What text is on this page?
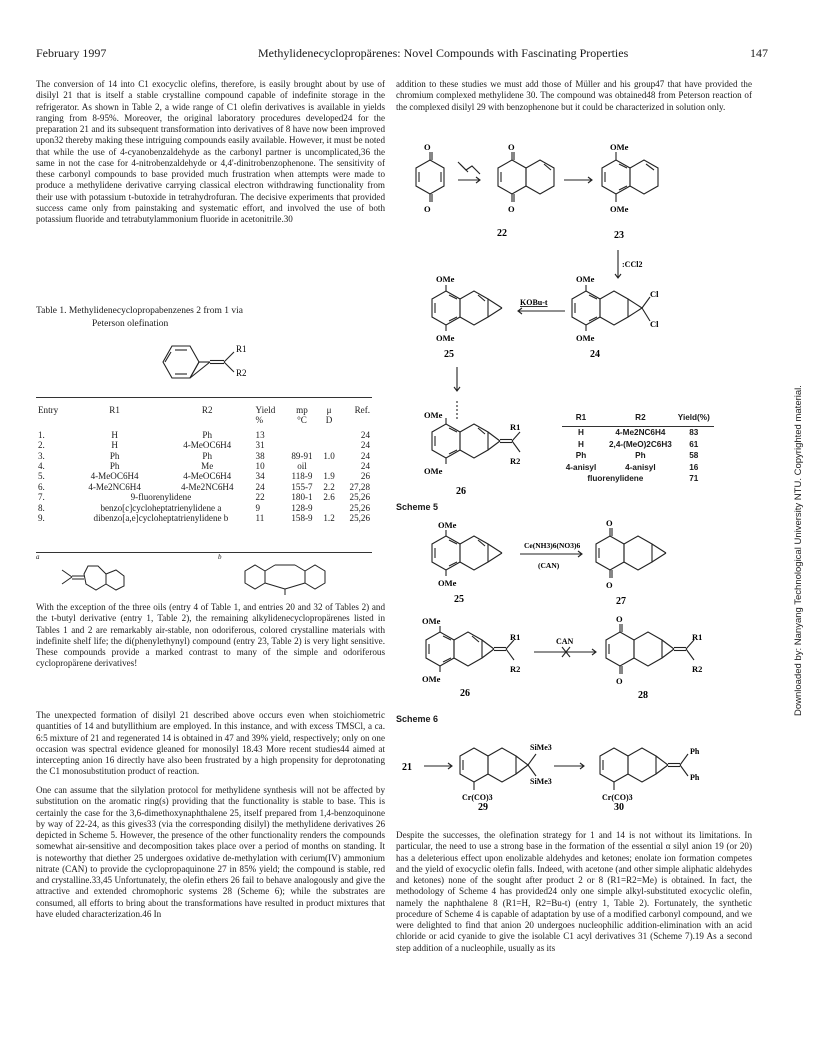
February 1997	Methylidenecyclopropärenes: Novel Compounds with Fascinating Properties	147
Downloaded by: Nanyang Technological University NTU. Copyrighted material.
The conversion of 14 into C1 exocyclic olefins, therefore, is easily brought about by use of disilyl 21 that is itself a stable crystalline compound capable of indefinite storage in the refrigerator. As shown in Table 2, a wide range of C1 olefin derivatives is available in yields ranging from 8-95%. Moreover, the original laboratory procedures developed24 for the preparation 21 and its subsequent transformation into derivatives of 8 have now been improved upon32 thereby making these intriguing compounds easily available. However, it must be noted that while the use of 4-cyanobenzaldehyde as the carbonyl partner is uncomplicated,36 the same in not the case for 4-nitrobenzaldehyde or 4,4'-dinitrobenzophenone. The sensitivity of these carbonyl compounds to base provided much frustration when attempts were made to produce a methylidene derivative carrying classical electron withdrawing functionality from their use with potassium t-butoxide in tetrahydrofuran. The decisive experiments that provided success came only from painstaking and systematic effort, and involved the use of both potassium fluoride and tetrabutylammonium fluoride in acetonitrile.30
Table 1. Methylidenecyclopropabenzenes 2 from 1 via
Peterson olefination
R1
R2
Entry	R1	R2	Yield	mp	μ	Ref.
			%	°C	D	

1.	H	Ph	13			24
2.	H	4-MeOC6H4	31			24
3.	Ph	Ph	38	89-91	1.0	24
4.	Ph	Me	10	oil		24
5.	4-MeOC6H4	4-MeOC6H4	34	118-9	1.9	26
6.	4-Me2NC6H4	4-Me2NC6H4	24	155-7	2.2	27,28
7.	9-fluorenylidene		22	180-1	2.6	25,26
8.	benzo[c]cycloheptatrienylidene a		9	128-9		25,26
9.	dibenzo[a,e]cycloheptatrienylidene b		11	158-9	1.2	25,26
a	b
With the exception of the three oils (entry 4 of Table 1, and entries 20 and 32 of Tables 2) and the t-butyl derivative (entry 1, Table 2), the remaining alkylidenecyclopropärenes listed in Tables 1 and 2 are remarkably air-stable, non odoriferous, colored crystalline materials with indefinite shelf life; the di(phenylethynyl) compound (entry 23, Table 2) is very light sensitive. These compounds provide a marked contrast to many of the simple and odoriferous cyclopropärene derivatives!
The unexpected formation of disilyl 21 described above occurs even when stoichiometric quantities of 14 and butyllithium are employed. In this instance, and with excess TMSCl, a ca. 6:5 mixture of 21 and regenerated 14 is obtained in 47 and 39% yield, respectively; only on one occasion was spectral evidence gleaned for monosilyl 18.43 More recent studies44 aimed at intercepting anion 16 directly have also been frustrated by a high propensity for deprotonating the C1 monosubstitution product of reaction.
One can assume that the silylation protocol for methylidene synthesis will not be affected by substitution on the aromatic ring(s) providing that the functionality is stable to base. This is certainly the case for the 3,6-dimethoxynaphthalene 25, itself prepared from 1,4-benzoquinone by way of 22-24, as this gives33 (via the corresponding disilyl) the methylidene derivatives 26 depicted in Scheme 5. However, the presence of the other functionality renders the compounds somewhat air-sensitive and decomposition takes place over a period of months on standing. It is noteworthy that diether 25 undergoes oxidative de-methylation with cerium(IV) ammonium nitrate (CAN) to provide the cyclopropaquinone 27 in 85% yield; the compound is stable, red and crystalline.33,45 Unfortunately, the olefin ethers 26 fail to behave analogously and give the attractive and extended chromophoric systems 28 (Scheme 6); while the substrates are consumed, all efforts to bring about the transformations have resulted in product mixtures that have eluded characterization.46 In
addition to these studies we must add those of Müller and his group47 that have provided the chromium complexed methylidene 30. The compound was obtained48 from Peterson reaction of the complexed disilyl 29 with benzophenone but it could be characterized in solution only.
O
O
O
O
OMe
OMe
22	23
:CCl2
OMe
OMe
OMe
OMe
Cl
Cl
KOBu-t
25	24
OMe
OMe
R1
R2
26
R1	R2	Yield(%)

H	4-Me2NC6H4	83
H	2,4-(MeO)2C6H3	61
Ph	Ph	58
4-anisyl	4-anisyl	16
fluorenylidene		71
Scheme 5
OMe
OMe
O
O
Ce(NH3)6(NO3)6
(CAN)
25	27
OMe
OMe
R1
R2
O
O
R1
R2
CAN
26	28
Scheme 6
21
SiMe3
SiMe3
Cr(CO)3
Ph
Ph
Cr(CO)3
29	30
Despite the successes, the olefination strategy for 1 and 14 is not without its limitations. In particular, the need to use a strong base in the formation of the essential α silyl anion 19 (or 20) has a deleterious effect upon enolizable aldehydes and ketones; enolate ion formation competes and the yield of exocyclic olefin falls. Indeed, with acetone (and other simple aliphatic aldehydes and ketones) none of the sought after product 2 or 8 (R1=R2=Me) is obtained. In fact, the methodology of Scheme 4 has provided24 only one simple alkyl-substituted exocyclic olefin, namely the naphthalene 8 (R1=H, R2=Bu-t) (entry 1, Table 2). Fortunately, the synthetic procedure of Scheme 4 is capable of adaptation by use of a modified carbonyl compound, and we were delighted to find that anion 20 undergoes nucleophilic addition-elimination with an acid chloride or acid cyanide to give the isolable C1 acyl derivatives 31 (Scheme 7).19 As a second step addition of a nucleophile, usually as its
